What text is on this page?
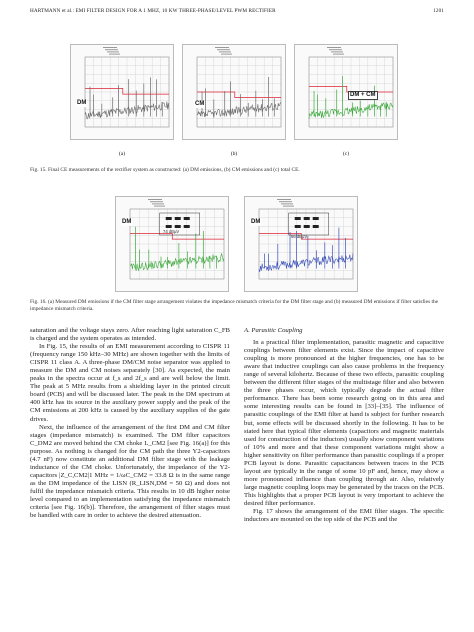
HARTMANN et al.: EMI FILTER DESIGN FOR A 1 MHZ, 10 KW THREE-PHASE/LEVEL PWM RECTIFIER	1201
DM	CM
DM + CM
(a)	(b)	(c)
Fig. 15. Final CE measurements of the rectifier system as constructed: (a) DM emissions, (b) CM emissions and (c) total CE.
DM	DM
74 dBμV
66 dBμV
Fig. 16. (a) Measured DM emissions if the CM filter stage arrangement violates the impedance mismatch criteria for the DM filter stage and (b) measured DM emissions if filter satisfies the impedance mismatch criteria.

saturation and the voltage stays zero. After reaching light saturation C_FB is charged and the system operates as intended.

In Fig. 15, the results of an EMI measurement according to CISPR 11 (frequency range 150 kHz–30 MHz) are shown together with the limits of CISPR 11 class A. A three-phase DM/CM noise separator was applied to measure the DM and CM noises separately [30]. As expected, the main peaks in the spectra occur at f_s and 2f_s and are well below the limit. The peak at 5 MHz results from a shielding layer in the printed circuit board (PCB) and will be discussed later. The peak in the DM spectrum at 400 kHz has its source in the auxiliary power supply and the peak of the CM emissions at 200 kHz is caused by the auxiliary supplies of the gate drives.

Next, the influence of the arrangement of the first DM and CM filter stages (impedance mismatch) is examined. The DM filter capacitors C_DM2 are moved behind the CM choke L_CM2 [see Fig. 16(a)] for this purpose. As nothing is changed for the CM path the three Y2-capacitors (4.7 nF) now constitute an additional DM filter stage with the leakage inductance of the CM choke. Unfortunately, the impedance of the Y2-capacitors |Z_C,CM2|1 MHz = 1/ωC_CM2 = 33.8 Ω is in the same range as the DM impedance of the LISN (R_LISN,DM = 50 Ω) and does not fulfil the impedance mismatch criteria. This results in 10 dB higher noise level compared to an implementation satisfying the impedance mismatch criteria [see Fig. 16(b)]. Therefore, the arrangement of filter stages must be handled with care in order to achieve the desired attenuation.

A. Parasitic Coupling

In a practical filter implementation, parasitic magnetic and capacitive couplings between filter elements exist. Since the impact of capacitive coupling is more pronounced at the higher frequencies, one has to be aware that inductive couplings can also cause problems in the frequency range of several kilohertz. Because of these two effects, parasitic coupling between the different filter stages of the multistage filter and also between the three phases occur, which typically degrade the actual filter performance. There has been some research going on in this area and some interesting results can be found in [33]–[35]. The influence of parasitic couplings of the EMI filter at hand is subject for further research but, some effects will be discussed shortly in the following. It has to be stated here that typical filter elements (capacitors and magnetic materials used for construction of the inductors) usually show component variations of 10% and more and that these component variations might show a higher sensitivity on filter performance than parasitic couplings if a proper PCB layout is done. Parasitic capacitances between traces in the PCB layout are typically in the range of some 10 pF and, hence, may show a more pronounced influence than coupling through air. Also, relatively large magnetic coupling loops may be generated by the traces on the PCB. This highlights that a proper PCB layout is very important to achieve the desired filter performance.

Fig. 17 shows the arrangement of the EMI filter stages. The specific inductors are mounted on the top side of the PCB and the
